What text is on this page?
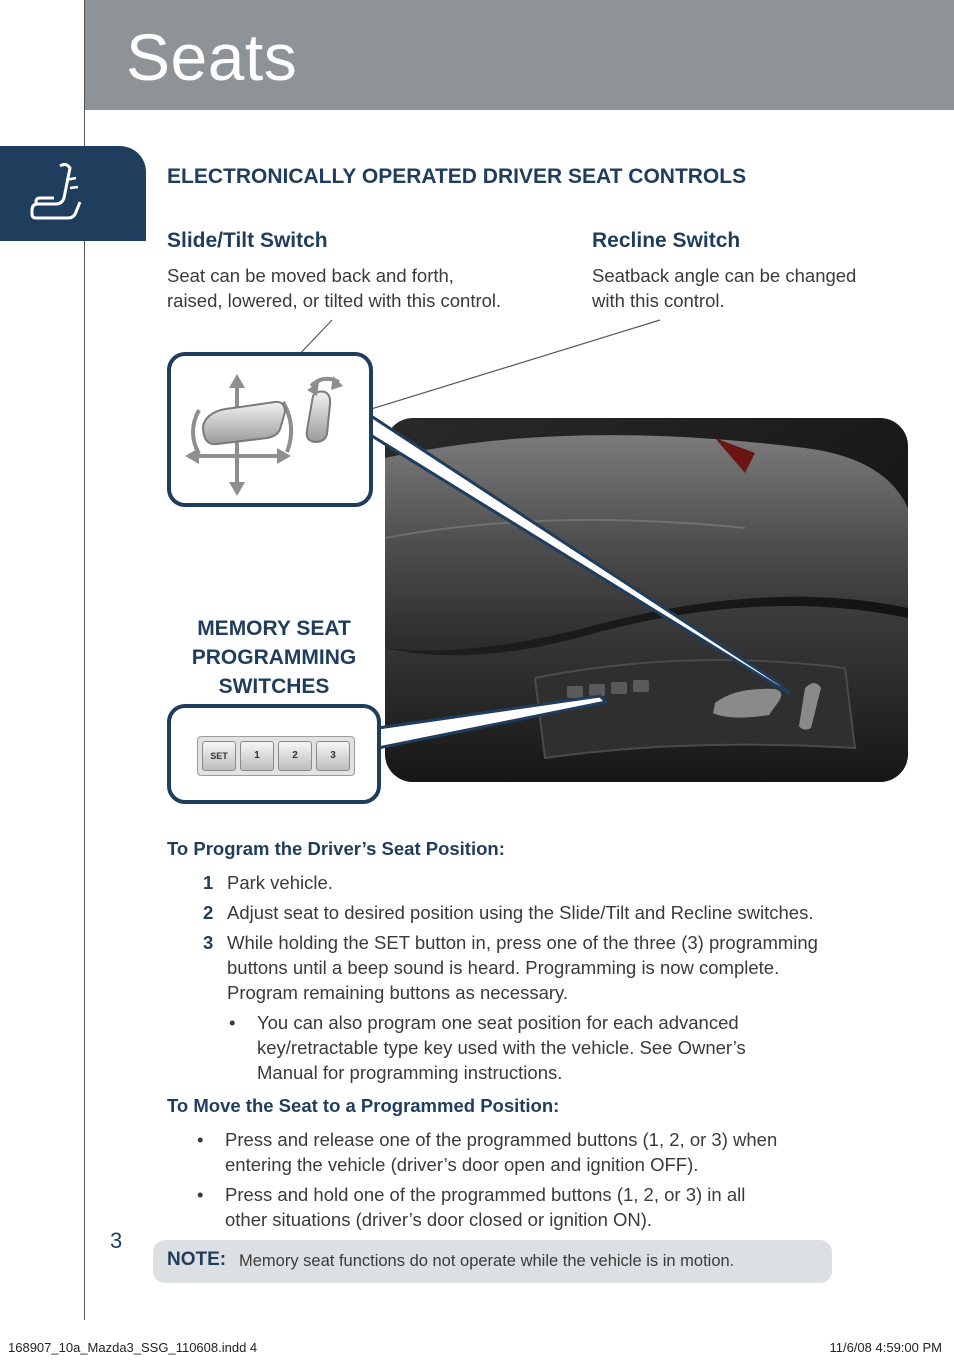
Seats
ELECTRONICALLY OPERATED DRIVER SEAT CONTROLS
Slide/Tilt Switch
Seat can be moved back and forth,
raised, lowered, or tilted with this control.
Recline Switch
Seatback angle can be changed
with this control.
MEMORY SEAT
PROGRAMMING
SWITCHES
SET	1	2	3
To Program the Driver’s Seat Position:
1 Park vehicle.
2 Adjust seat to desired position using the Slide/Tilt and Recline switches.
3 While holding the SET button in, press one of the three (3) programming
buttons until a beep sound is heard. Programming is now complete.
Program remaining buttons as necessary.
• You can also program one seat position for each advanced
key/retractable type key used with the vehicle. See Owner’s
Manual for programming instructions.
To Move the Seat to a Programmed Position:
• Press and release one of the programmed buttons (1, 2, or 3) when
entering the vehicle (driver’s door open and ignition OFF).
• Press and hold one of the programmed buttons (1, 2, or 3) in all
other situations (driver’s door closed or ignition ON).
3
NOTE: Memory seat functions do not operate while the vehicle is in motion.
168907_10a_Mazda3_SSG_110608.indd 4	11/6/08 4:59:00 PM
